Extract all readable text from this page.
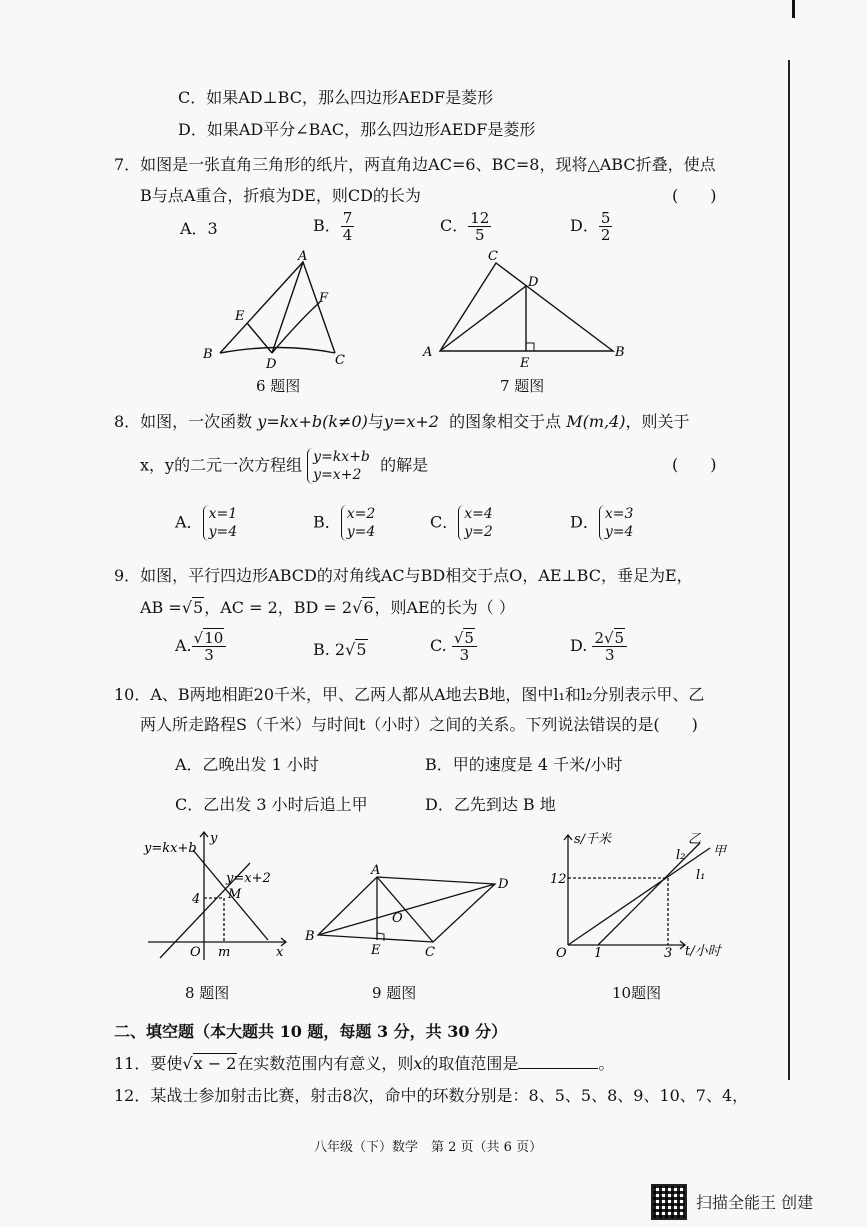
C．如果AD⊥BC，那么四边形AEDF是菱形
D．如果AD平分∠BAC，那么四边形AEDF是菱形
7．如图是一张直角三角形的纸片，两直角边AC=6、BC=8，现将△ABC折叠，使点
B与点A重合，折痕为DE，则CD的长为	(　　)
A．3	B． $\frac{7}{4}$	C． $\frac{12}{5}$	D． $\frac{5}{2}$
A
B	C
D
E
F
6 题图
C
D
A	B
E
7 题图
8．如图，一次函数 y=kx+b(k≠0)与y=x+2 的图象相交于点 M(m,4)，则关于
x，y的二元一次方程组 y=kx+b
y=x+2  的解是	(　　)
A． x=1
y=4
B． x=2
y=4
C． x=4
y=2
D． x=3
y=4
9．如图，平行四边形ABCD的对角线AC与BD相交于点O，AE⊥BC，垂足为E，
AB =√5，AC = 2，BD = 2√6，则AE的长为（ ）
A. $\frac{√10}{3}$	B. 2√5	C. $\frac{√5}{3}$	D. $\frac{2√5}{3}$
10．A、B两地相距20千米，甲、乙两人都从A地去B地，图中l₁和l₂分别表示甲、乙
两人所走路程S（千米）与时间t（小时）之间的关系。下列说法错误的是(　　)
A．乙晚出发 1 小时	B．甲的速度是 4 千米/小时
C．乙出发 3 小时后追上甲	D．乙先到达 B 地
y=kx+b
y=x+2
y
x
O
M
4
m
8 题图
A
B
C
D
E
O
9 题图
s/千米
t/小时
乙
甲
l₂
l₁
12
O 1	3
10题图
二、填空题（本大题共 10 题，每题 3 分，共 30 分）
11．要使√x − 2在实数范围内有意义，则x的取值范围是	。
12．某战士参加射击比赛，射击8次，命中的环数分别是：8、5、5、8、9、10、7、4，
八年级（下）数学　第 2 页（共 6 页）
扫描全能王 创建
